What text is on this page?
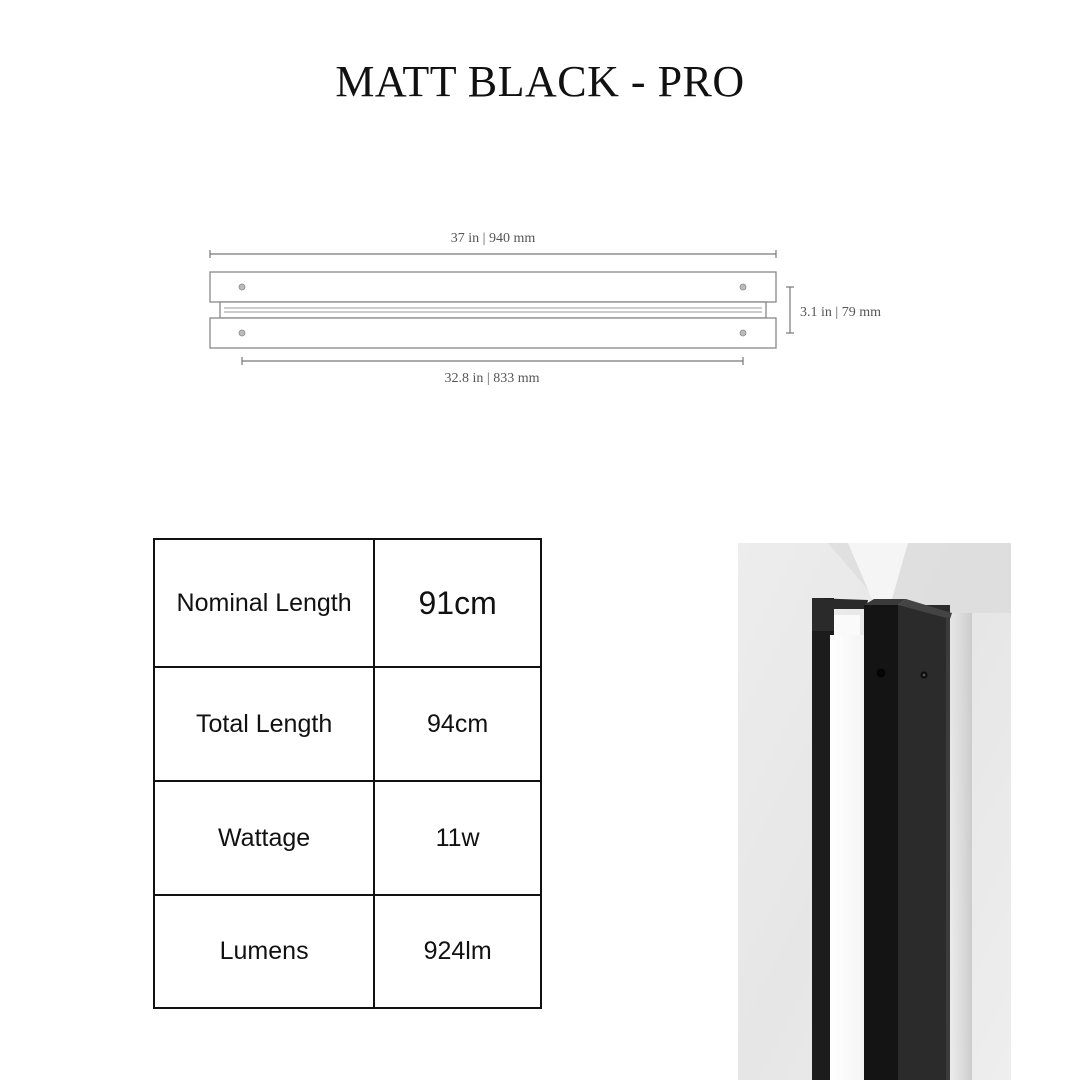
MATT BLACK - PRO
37 in | 940 mm
3.1 in | 79 mm
32.8 in | 833 mm
Nominal Length	91cm
Total Length	94cm
Wattage	11w
Lumens	924lm
